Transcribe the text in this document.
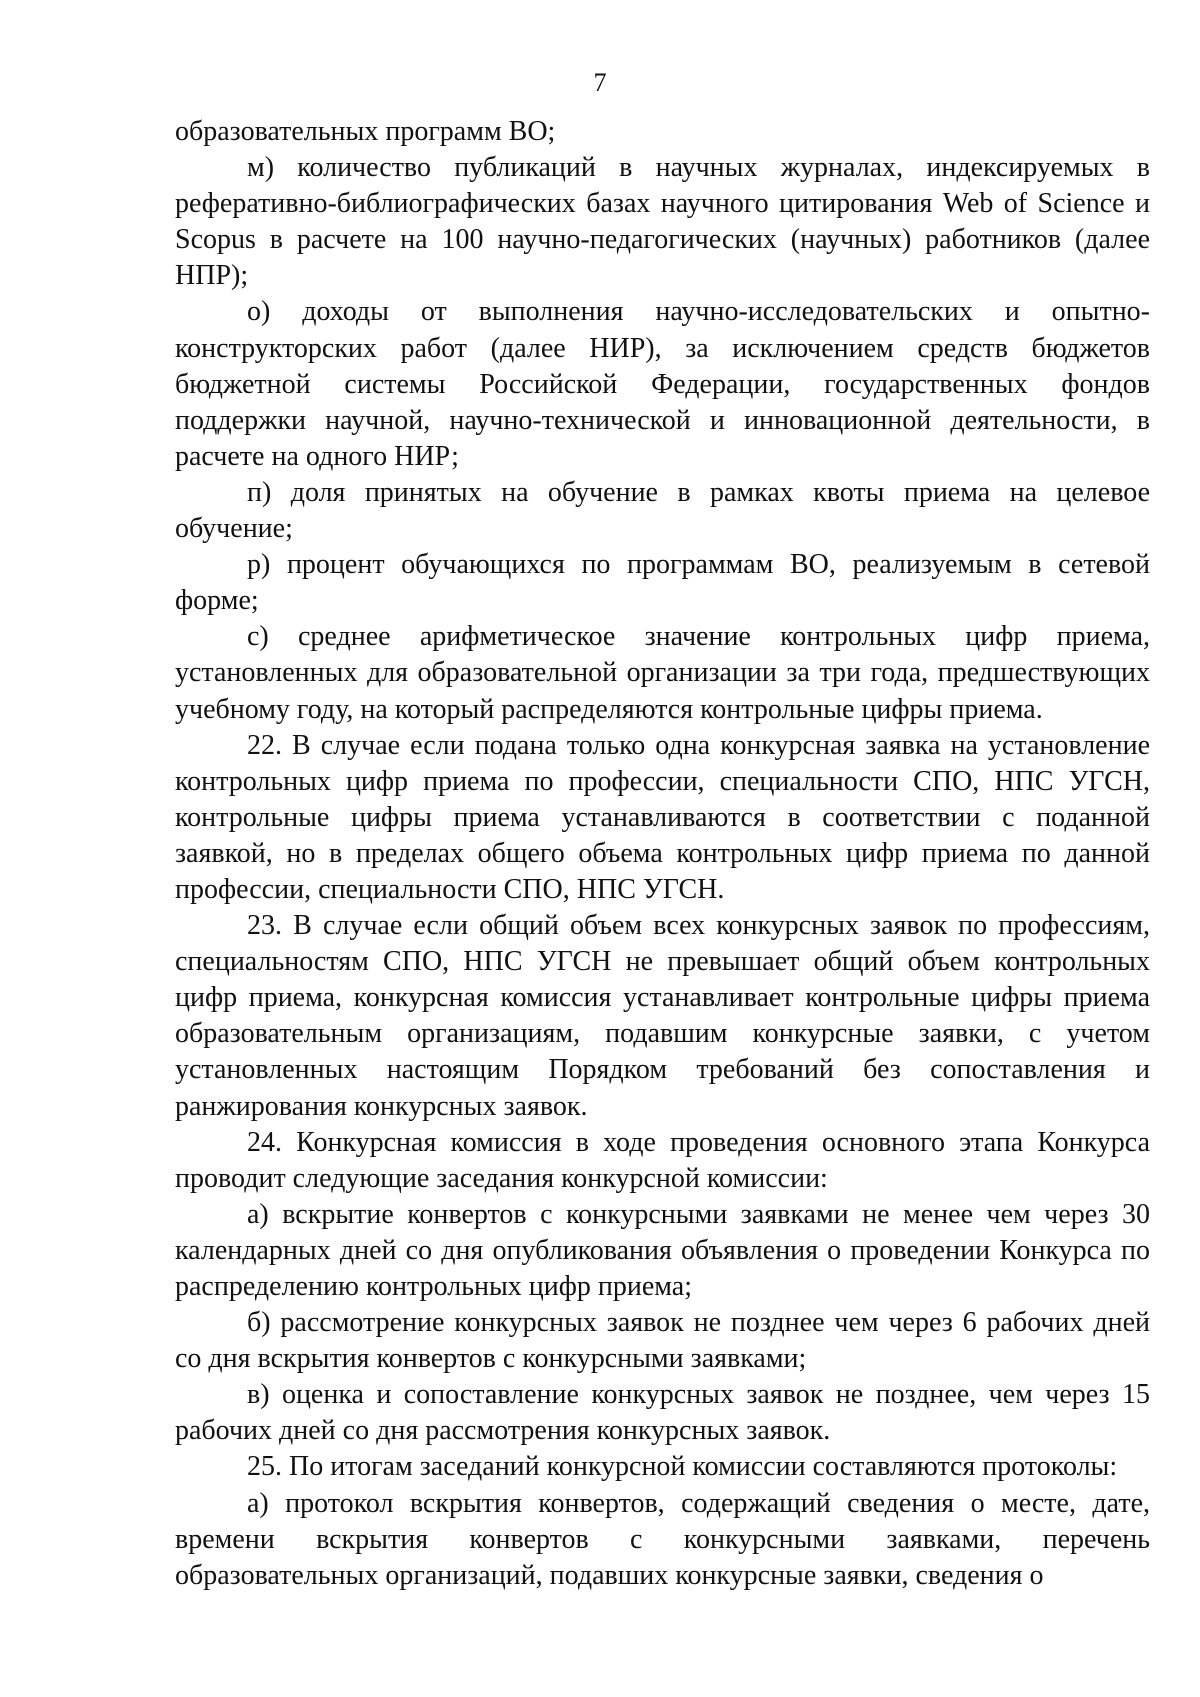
7

образовательных программ ВО;

м) количество публикаций в научных журналах, индексируемых в реферативно-библиографических базах научного цитирования Web of Science и Scopus в расчете на 100 научно-педагогических (научных) работников (далее НПР);

о) доходы от выполнения научно-исследовательских и опытно-конструкторских работ (далее НИР), за исключением средств бюджетов бюджетной системы Российской Федерации, государственных фондов поддержки научной, научно-технической и инновационной деятельности, в расчете на одного НИР;

п) доля принятых на обучение в рамках квоты приема на целевое обучение;

р) процент обучающихся по программам ВО, реализуемым в сетевой форме;

с) среднее арифметическое значение контрольных цифр приема, установленных для образовательной организации за три года, предшествующих учебному году, на который распределяются контрольные цифры приема.

22. В случае если подана только одна конкурсная заявка на установление контрольных цифр приема по профессии, специальности СПО, НПС УГСН, контрольные цифры приема устанавливаются в соответствии с поданной заявкой, но в пределах общего объема контрольных цифр приема по данной профессии, специальности СПО, НПС УГСН.

23. В случае если общий объем всех конкурсных заявок по профессиям, специальностям СПО, НПС УГСН не превышает общий объем контрольных цифр приема, конкурсная комиссия устанавливает контрольные цифры приема образовательным организациям, подавшим конкурсные заявки, с учетом установленных настоящим Порядком требований без сопоставления и ранжирования конкурсных заявок.

24. Конкурсная комиссия в ходе проведения основного этапа Конкурса проводит следующие заседания конкурсной комиссии:

а) вскрытие конвертов с конкурсными заявками не менее чем через 30 календарных дней со дня опубликования объявления о проведении Конкурса по распределению контрольных цифр приема;

б) рассмотрение конкурсных заявок не позднее чем через 6 рабочих дней со дня вскрытия конвертов с конкурсными заявками;

в) оценка и сопоставление конкурсных заявок не позднее, чем через 15 рабочих дней со дня рассмотрения конкурсных заявок.

25. По итогам заседаний конкурсной комиссии составляются протоколы:

а) протокол вскрытия конвертов, содержащий сведения о месте, дате, времени вскрытия конвертов с конкурсными заявками, перечень образовательных организаций, подавших конкурсные заявки, сведения о
